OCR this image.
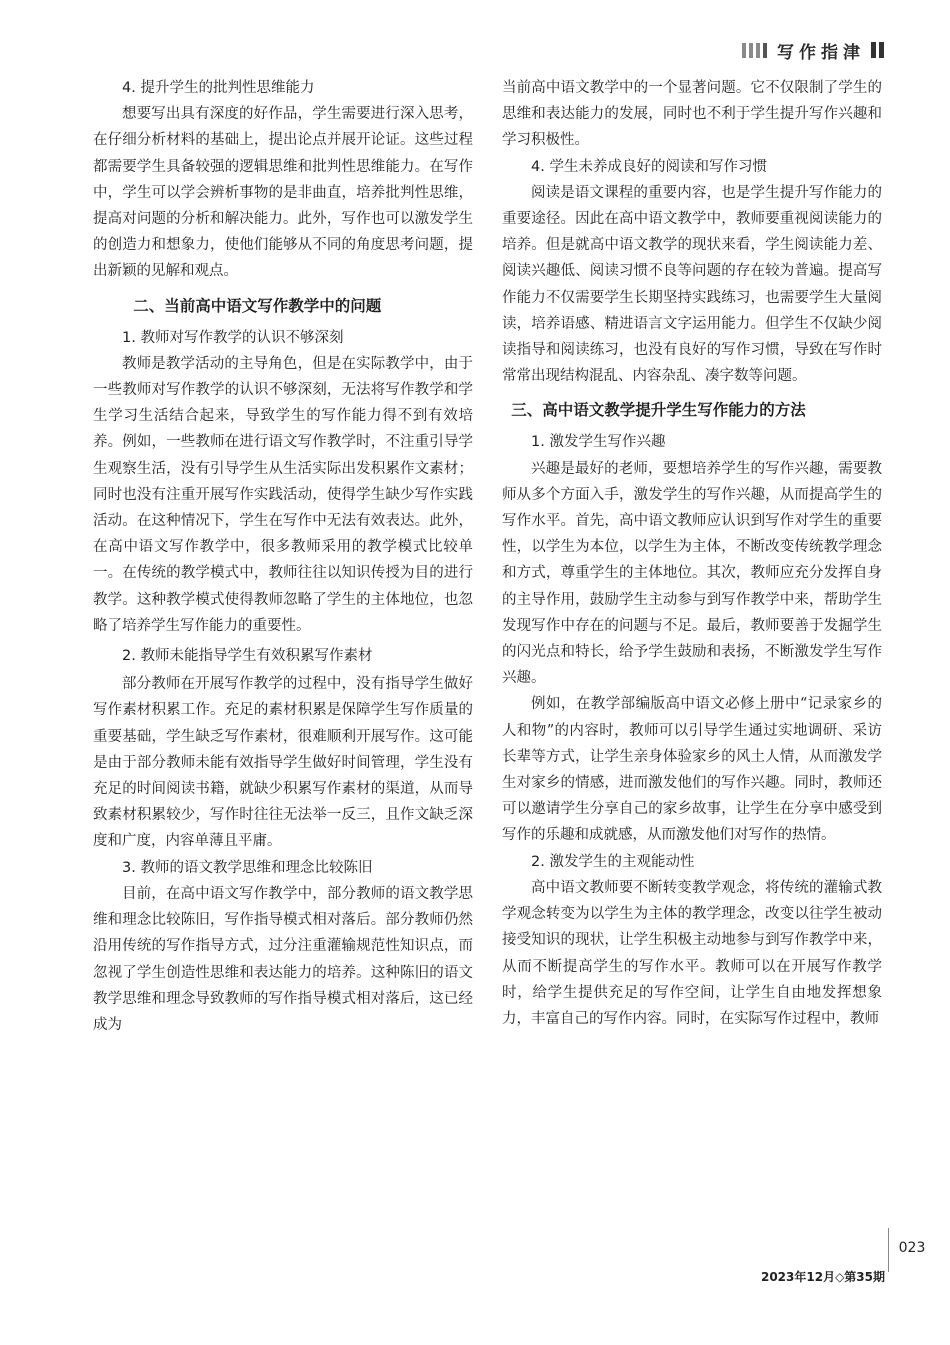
写作指津
4. 提升学生的批判性思维能力

想要写出具有深度的好作品，学生需要进行深入思考，在仔细分析材料的基础上，提出论点并展开论证。这些过程都需要学生具备较强的逻辑思维和批判性思维能力。在写作中，学生可以学会辨析事物的是非曲直，培养批判性思维，提高对问题的分析和解决能力。此外，写作也可以激发学生的创造力和想象力，使他们能够从不同的角度思考问题，提出新颖的见解和观点。

二、当前高中语文写作教学中的问题
1. 教师对写作教学的认识不够深刻

教师是教学活动的主导角色，但是在实际教学中，由于一些教师对写作教学的认识不够深刻，无法将写作教学和学生学习生活结合起来，导致学生的写作能力得不到有效培养。例如，一些教师在进行语文写作教学时，不注重引导学生观察生活，没有引导学生从生活实际出发积累作文素材；同时也没有注重开展写作实践活动，使得学生缺少写作实践活动。在这种情况下，学生在写作中无法有效表达。此外，在高中语文写作教学中，很多教师采用的教学模式比较单一。在传统的教学模式中，教师往往以知识传授为目的进行教学。这种教学模式使得教师忽略了学生的主体地位，也忽略了培养学生写作能力的重要性。

2. 教师未能指导学生有效积累写作素材

部分教师在开展写作教学的过程中，没有指导学生做好写作素材积累工作。充足的素材积累是保障学生写作质量的重要基础，学生缺乏写作素材，很难顺利开展写作。这可能是由于部分教师未能有效指导学生做好时间管理，学生没有充足的时间阅读书籍，就缺少积累写作素材的渠道，从而导致素材积累较少，写作时往往无法举一反三，且作文缺乏深度和广度，内容单薄且平庸。

3. 教师的语文教学思维和理念比较陈旧

目前，在高中语文写作教学中，部分教师的语文教学思维和理念比较陈旧，写作指导模式相对落后。部分教师仍然沿用传统的写作指导方式，过分注重灌输规范性知识点，而忽视了学生创造性思维和表达能力的培养。这种陈旧的语文教学思维和理念导致教师的写作指导模式相对落后，这已经成为

当前高中语文教学中的一个显著问题。它不仅限制了学生的思维和表达能力的发展，同时也不利于学生提升写作兴趣和学习积极性。

4. 学生未养成良好的阅读和写作习惯

阅读是语文课程的重要内容，也是学生提升写作能力的重要途径。因此在高中语文教学中，教师要重视阅读能力的培养。但是就高中语文教学的现状来看，学生阅读能力差、阅读兴趣低、阅读习惯不良等问题的存在较为普遍。提高写作能力不仅需要学生长期坚持实践练习，也需要学生大量阅读，培养语感、精进语言文字运用能力。但学生不仅缺少阅读指导和阅读练习，也没有良好的写作习惯，导致在写作时常常出现结构混乱、内容杂乱、凑字数等问题。

三、高中语文教学提升学生写作能力的方法
1. 激发学生写作兴趣

兴趣是最好的老师，要想培养学生的写作兴趣，需要教师从多个方面入手，激发学生的写作兴趣，从而提高学生的写作水平。首先，高中语文教师应认识到写作对学生的重要性，以学生为本位，以学生为主体，不断改变传统教学理念和方式，尊重学生的主体地位。其次，教师应充分发挥自身的主导作用，鼓励学生主动参与到写作教学中来，帮助学生发现写作中存在的问题与不足。最后，教师要善于发掘学生的闪光点和特长，给予学生鼓励和表扬，不断激发学生写作兴趣。

例如，在教学部编版高中语文必修上册中“记录家乡的人和物”的内容时，教师可以引导学生通过实地调研、采访长辈等方式，让学生亲身体验家乡的风土人情，从而激发学生对家乡的情感，进而激发他们的写作兴趣。同时，教师还可以邀请学生分享自己的家乡故事，让学生在分享中感受到写作的乐趣和成就感，从而激发他们对写作的热情。

2. 激发学生的主观能动性

高中语文教师要不断转变教学观念，将传统的灌输式教学观念转变为以学生为主体的教学理念，改变以往学生被动接受知识的现状，让学生积极主动地参与到写作教学中来，从而不断提高学生的写作水平。教师可以在开展写作教学时，给学生提供充足的写作空间，让学生自由地发挥想象力，丰富自己的写作内容。同时，在实际写作过程中，教师

023
2023年12月◇第35期
